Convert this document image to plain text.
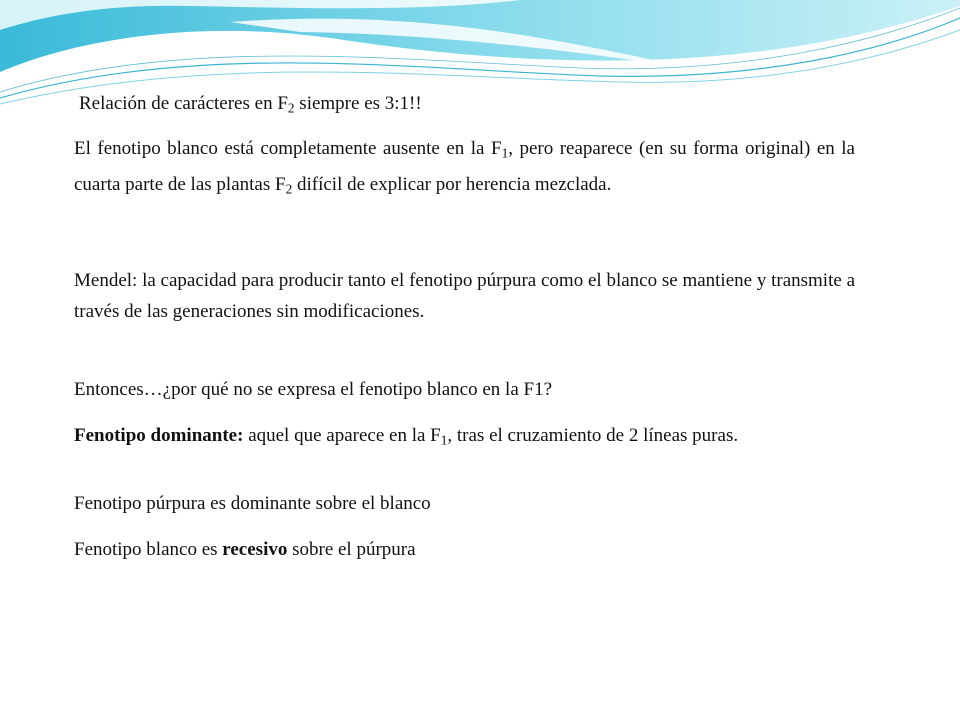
Relación de carácteres en $F_2$ siempre es 3:1!!

El fenotipo blanco está completamente ausente en la $F_1$, pero reaparece (en su forma original) en la cuarta parte de las plantas $F_2$ difícil de explicar por herencia mezclada.

Mendel: la capacidad para producir tanto el fenotipo púrpura como el blanco se mantiene y transmite a través de las generaciones sin modificaciones.

Entonces…¿por qué no se expresa el fenotipo blanco en la F1?

Fenotipo dominante: aquel que aparece en la $F_1$, tras el cruzamiento de 2 líneas puras.

Fenotipo púrpura es dominante sobre el blanco

Fenotipo blanco es recesivo sobre el púrpura
